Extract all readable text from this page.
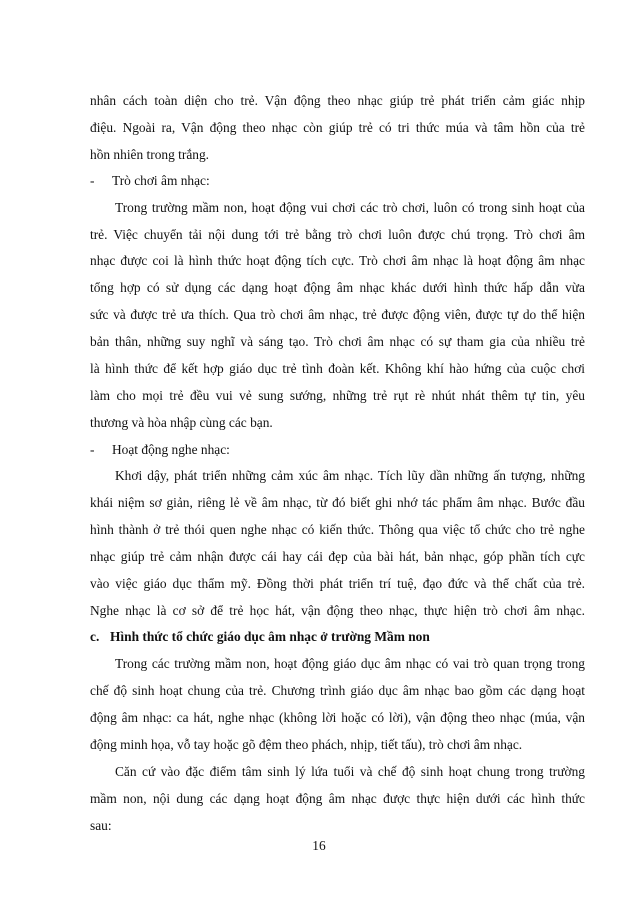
nhân cách toàn diện cho trẻ. Vận động theo nhạc giúp trẻ phát triển cảm giác nhịp
điệu. Ngoài ra, Vận động theo nhạc còn giúp trẻ có tri thức múa và tâm hồn của trẻ
hồn nhiên trong trắng.
- Trò chơi âm nhạc:
Trong trường mầm non, hoạt động vui chơi các trò chơi, luôn có trong sinh hoạt của
trẻ. Việc chuyển tải nội dung tới trẻ bằng trò chơi luôn được chú trọng. Trò chơi âm
nhạc được coi là hình thức hoạt động tích cực. Trò chơi âm nhạc là hoạt động âm nhạc
tổng hợp có sử dụng các dạng hoạt động âm nhạc khác dưới hình thức hấp dẫn vừa
sức và được trẻ ưa thích. Qua trò chơi âm nhạc, trẻ được động viên, được tự do thể hiện
bản thân, những suy nghĩ và sáng tạo. Trò chơi âm nhạc có sự tham gia của nhiều trẻ
là hình thức để kết hợp giáo dục trẻ tình đoàn kết. Không khí hào hứng của cuộc chơi
làm cho mọi trẻ đều vui vẻ sung sướng, những trẻ rụt rè nhút nhát thêm tự tin, yêu
thương và hòa nhập cùng các bạn.
- Hoạt động nghe nhạc:
Khơi dậy, phát triển những cảm xúc âm nhạc. Tích lũy dần những ấn tượng, những
khái niệm sơ giản, riêng lẻ về âm nhạc, từ đó biết ghi nhớ tác phẩm âm nhạc. Bước đầu
hình thành ở trẻ thói quen nghe nhạc có kiến thức. Thông qua việc tổ chức cho trẻ nghe
nhạc giúp trẻ cảm nhận được cái hay cái đẹp của bài hát, bản nhạc, góp phần tích cực
vào việc giáo dục thẩm mỹ. Đồng thời phát triển trí tuệ, đạo đức và thể chất của trẻ.
Nghe nhạc là cơ sở để trẻ học hát, vận động theo nhạc, thực hiện trò chơi âm nhạc.
c. Hình thức tổ chức giáo dục âm nhạc ở trường Mầm non
Trong các trường mầm non, hoạt động giáo dục âm nhạc có vai trò quan trọng trong
chế độ sinh hoạt chung của trẻ. Chương trình giáo dục âm nhạc bao gồm các dạng hoạt
động âm nhạc: ca hát, nghe nhạc (không lời hoặc có lời), vận động theo nhạc (múa, vận
động minh họa, vỗ tay hoặc gõ đệm theo phách, nhịp, tiết tấu), trò chơi âm nhạc.
Căn cứ vào đặc điểm tâm sinh lý lứa tuổi và chế độ sinh hoạt chung trong trường
mầm non, nội dung các dạng hoạt động âm nhạc được thực hiện dưới các hình thức
sau:
16
